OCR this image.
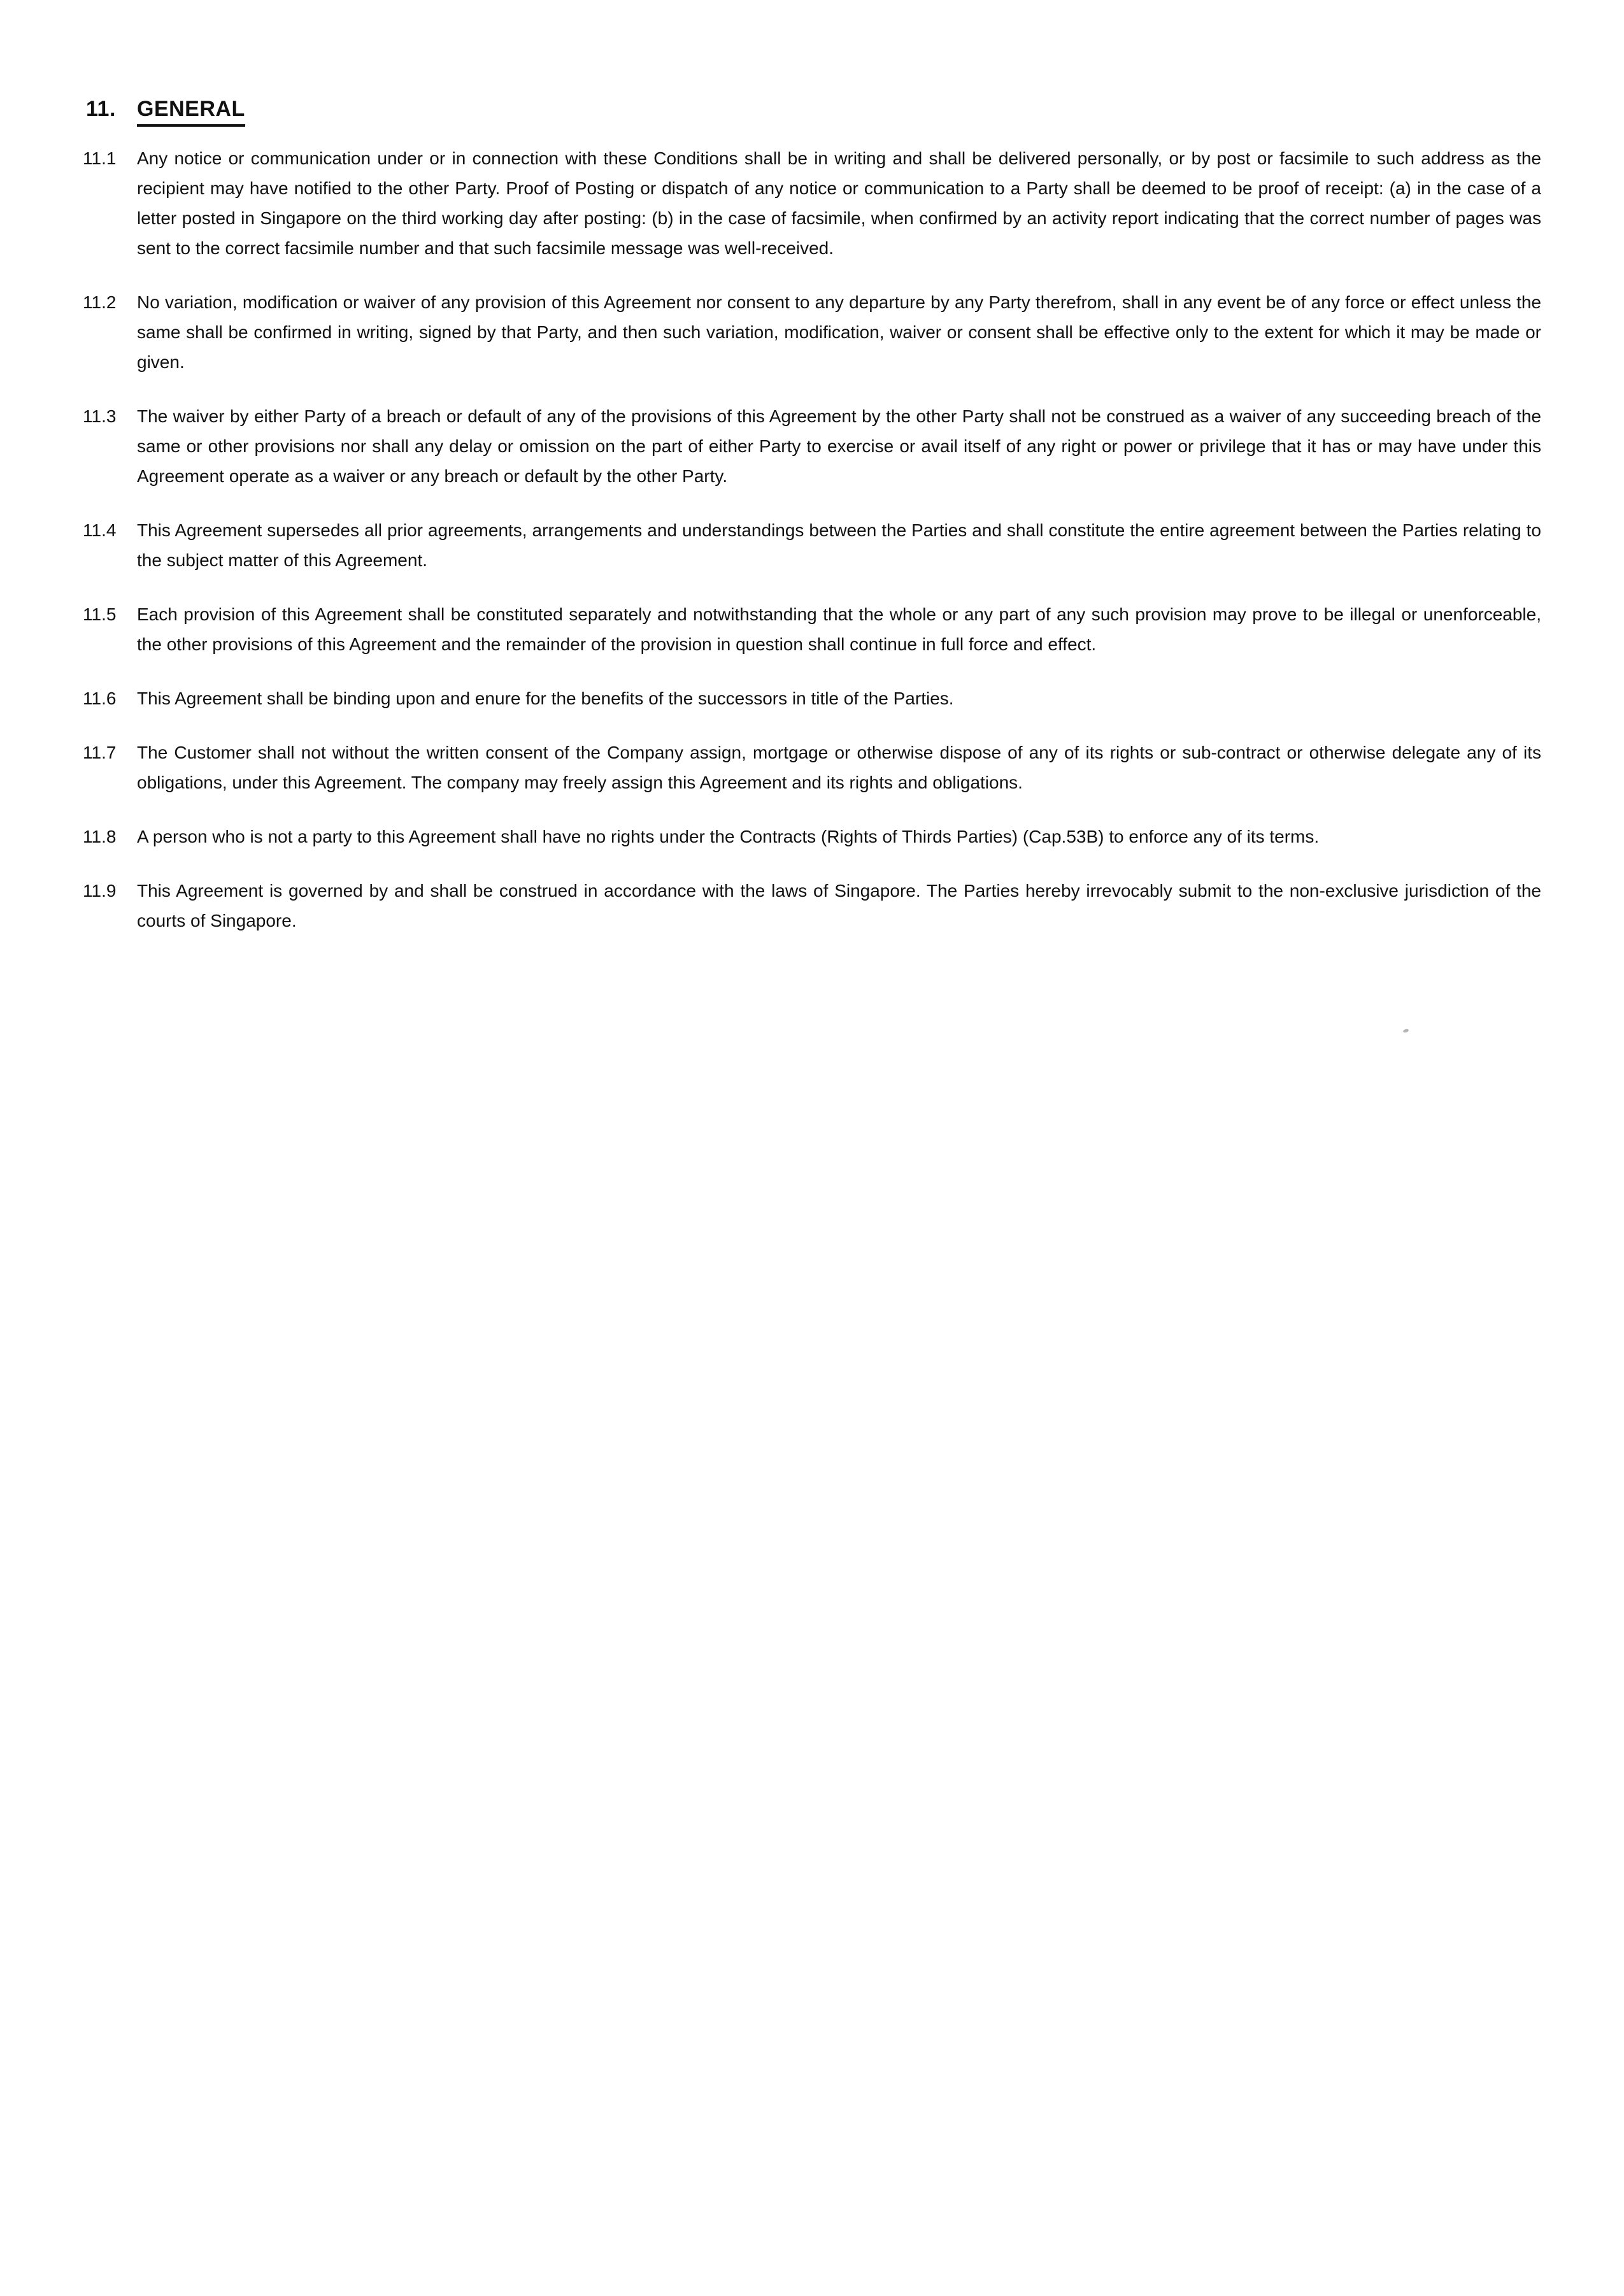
11. GENERAL
11.1	Any notice or communication under or in connection with these Conditions shall be in writing and shall be delivered personally, or by post or facsimile to such address as the recipient may have notified to the other Party. Proof of Posting or dispatch of any notice or communication to a Party shall be deemed to be proof of receipt: (a) in the case of a letter posted in Singapore on the third working day after posting: (b) in the case of facsimile, when confirmed by an activity report indicating that the correct number of pages was sent to the correct facsimile number and that such facsimile message was well-received.

11.2	No variation, modification or waiver of any provision of this Agreement nor consent to any departure by any Party therefrom, shall in any event be of any force or effect unless the same shall be confirmed in writing, signed by that Party, and then such variation, modification, waiver or consent shall be effective only to the extent for which it may be made or given.

11.3	The waiver by either Party of a breach or default of any of the provisions of this Agreement by the other Party shall not be construed as a waiver of any succeeding breach of the same or other provisions nor shall any delay or omission on the part of either Party to exercise or avail itself of any right or power or privilege that it has or may have under this Agreement operate as a waiver or any breach or default by the other Party.

11.4	This Agreement supersedes all prior agreements, arrangements and understandings between the Parties and shall constitute the entire agreement between the Parties relating to the subject matter of this Agreement.

11.5	Each provision of this Agreement shall be constituted separately and notwithstanding that the whole or any part of any such provision may prove to be illegal or unenforceable, the other provisions of this Agreement and the remainder of the provision in question shall continue in full force and effect.

11.6	This Agreement shall be binding upon and enure for the benefits of the successors in title of the Parties.

11.7	The Customer shall not without the written consent of the Company assign, mortgage or otherwise dispose of any of its rights or sub-contract or otherwise delegate any of its obligations, under this Agreement. The company may freely assign this Agreement and its rights and obligations.

11.8	A person who is not a party to this Agreement shall have no rights under the Contracts (Rights of Thirds Parties) (Cap.53B) to enforce any of its terms.

11.9	This Agreement is governed by and shall be construed in accordance with the laws of Singapore. The Parties hereby irrevocably submit to the non-exclusive jurisdiction of the courts of Singapore.
